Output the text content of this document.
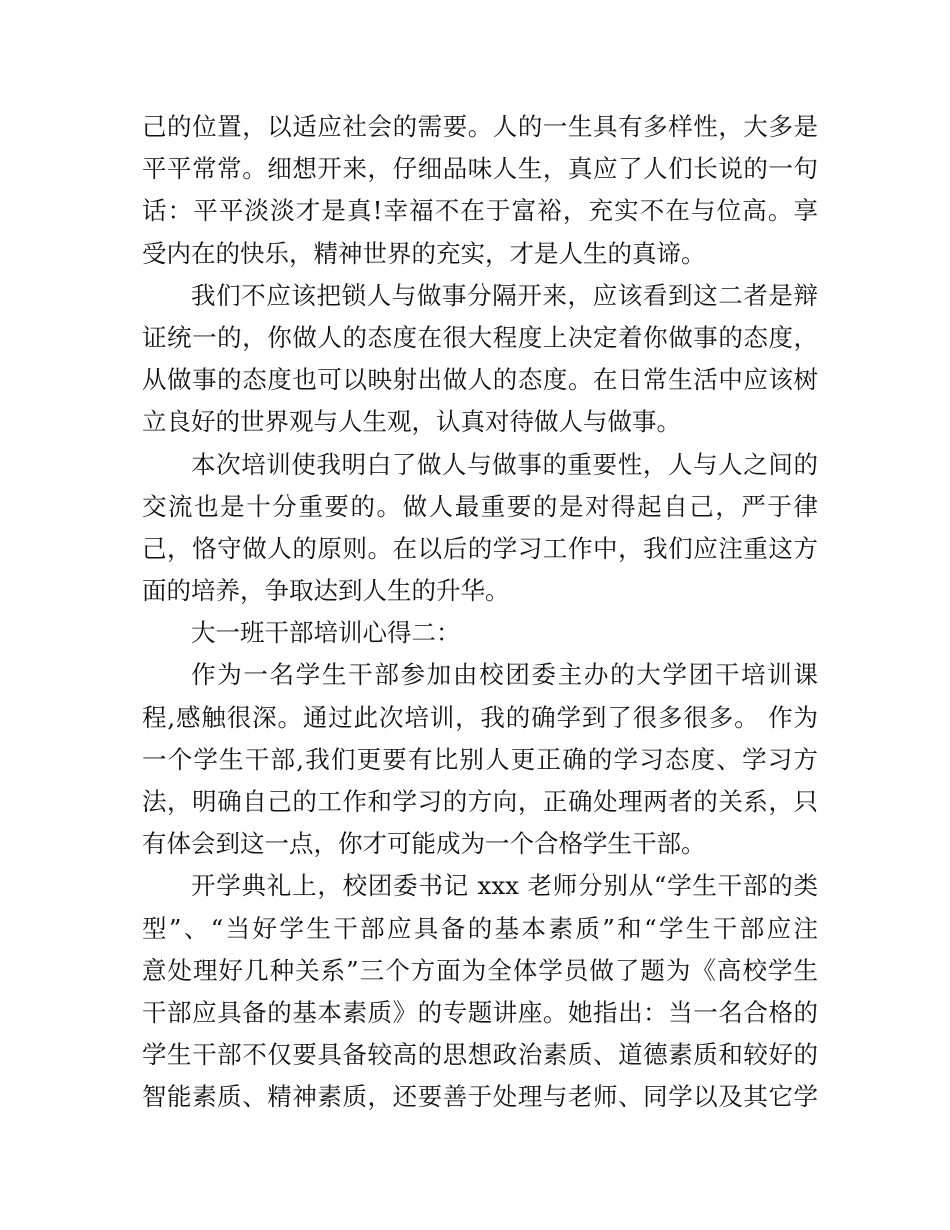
己的位置，以适应社会的需要。人的一生具有多样性，大多是
平平常常。细想开来，仔细品味人生，真应了人们长说的一句
话：平平淡淡才是真!幸福不在于富裕，充实不在与位高。享
受内在的快乐，精神世界的充实，才是人生的真谛。
我们不应该把锁人与做事分隔开来，应该看到这二者是辩
证统一的，你做人的态度在很大程度上决定着你做事的态度，
从做事的态度也可以映射出做人的态度。在日常生活中应该树
立良好的世界观与人生观，认真对待做人与做事。
本次培训使我明白了做人与做事的重要性，人与人之间的
交流也是十分重要的。做人最重要的是对得起自己，严于律
己，恪守做人的原则。在以后的学习工作中，我们应注重这方
面的培养，争取达到人生的升华。
大一班干部培训心得二：
作为一名学生干部参加由校团委主办的大学团干培训课
程,感触很深。通过此次培训，我的确学到了很多很多。 作为
一个学生干部,我们更要有比别人更正确的学习态度、学习方
法，明确自己的工作和学习的方向，正确处理两者的关系，只
有体会到这一点，你才可能成为一个合格学生干部。
开学典礼上，校团委书记 xxx 老师分别从“学生干部的类
型”、“当好学生干部应具备的基本素质”和“学生干部应注
意处理好几种关系”三个方面为全体学员做了题为《高校学生
干部应具备的基本素质》的专题讲座。她指出：当一名合格的
学生干部不仅要具备较高的思想政治素质、道德素质和较好的
智能素质、精神素质，还要善于处理与老师、同学以及其它学
